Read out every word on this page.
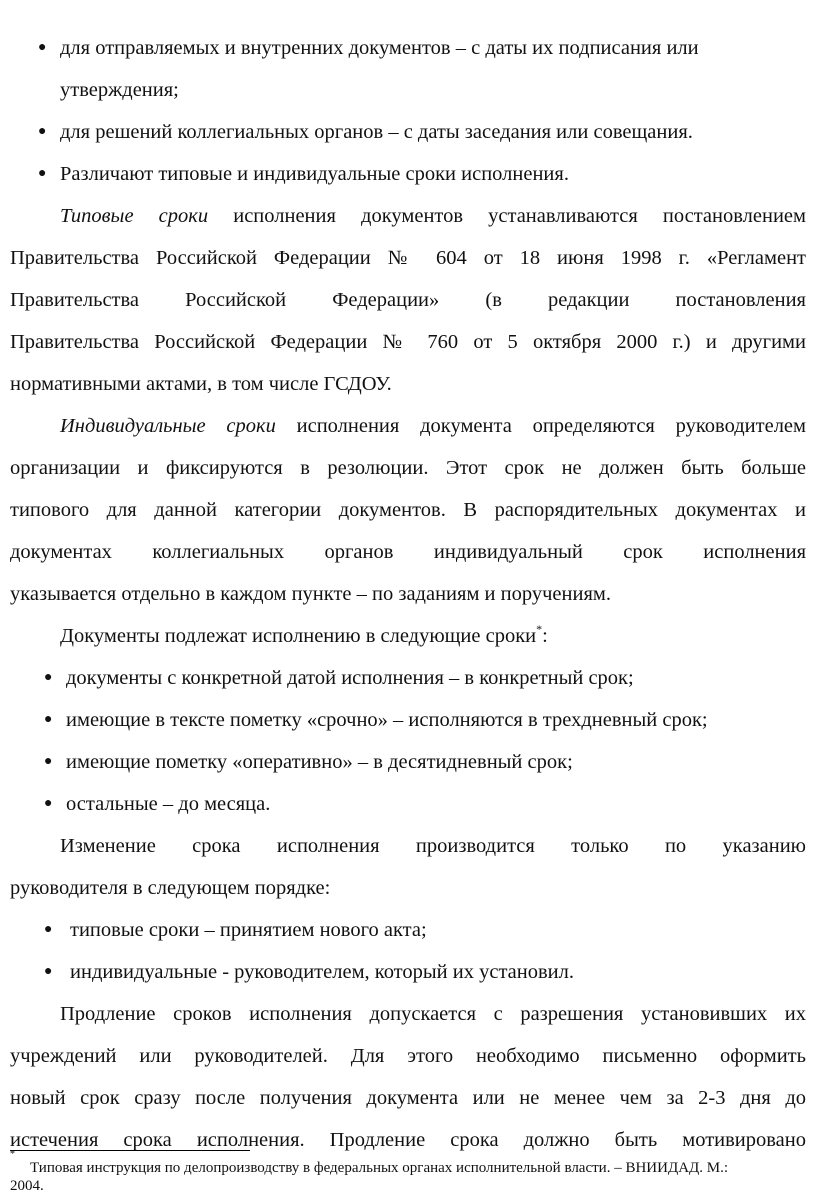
● для отправляемых и внутренних документов – с даты их подписания или
утверждения;
● для решений коллегиальных органов – с даты заседания или совещания.
● Различают типовые и индивидуальные сроки исполнения.
Типовые сроки исполнения документов устанавливаются постановлением
Правительства Российской Федерации № 604 от 18 июня 1998 г. «Регламент
Правительства Российской Федерации» (в редакции постановления
Правительства Российской Федерации № 760 от 5 октября 2000 г.) и другими
нормативными актами, в том числе ГСДОУ.
Индивидуальные сроки исполнения документа определяются руководителем
организации и фиксируются в резолюции. Этот срок не должен быть больше
типового для данной категории документов. В распорядительных документах и
документах коллегиальных органов индивидуальный срок исполнения
указывается отдельно в каждом пункте – по заданиям и поручениям.
Документы подлежат исполнению в следующие сроки*:
● документы с конкретной датой исполнения – в конкретный срок;
● имеющие в тексте пометку «срочно» – исполняются в трехдневный срок;
● имеющие пометку «оперативно» – в десятидневный срок;
● остальные – до месяца.
Изменение срока исполнения производится только по указанию
руководителя в следующем порядке:
● типовые сроки – принятием нового акта;
● индивидуальные - руководителем, который их установил.
Продление сроков исполнения допускается с разрешения установивших их
учреждений или руководителей. Для этого необходимо письменно оформить
новый срок сразу после получения документа или не менее чем за 2-3 дня до
истечения срока исполнения. Продление срока должно быть мотивировано
*
Типовая инструкция по делопроизводству в федеральных органах исполнительной власти. – ВНИИДАД. М.:
2004.
